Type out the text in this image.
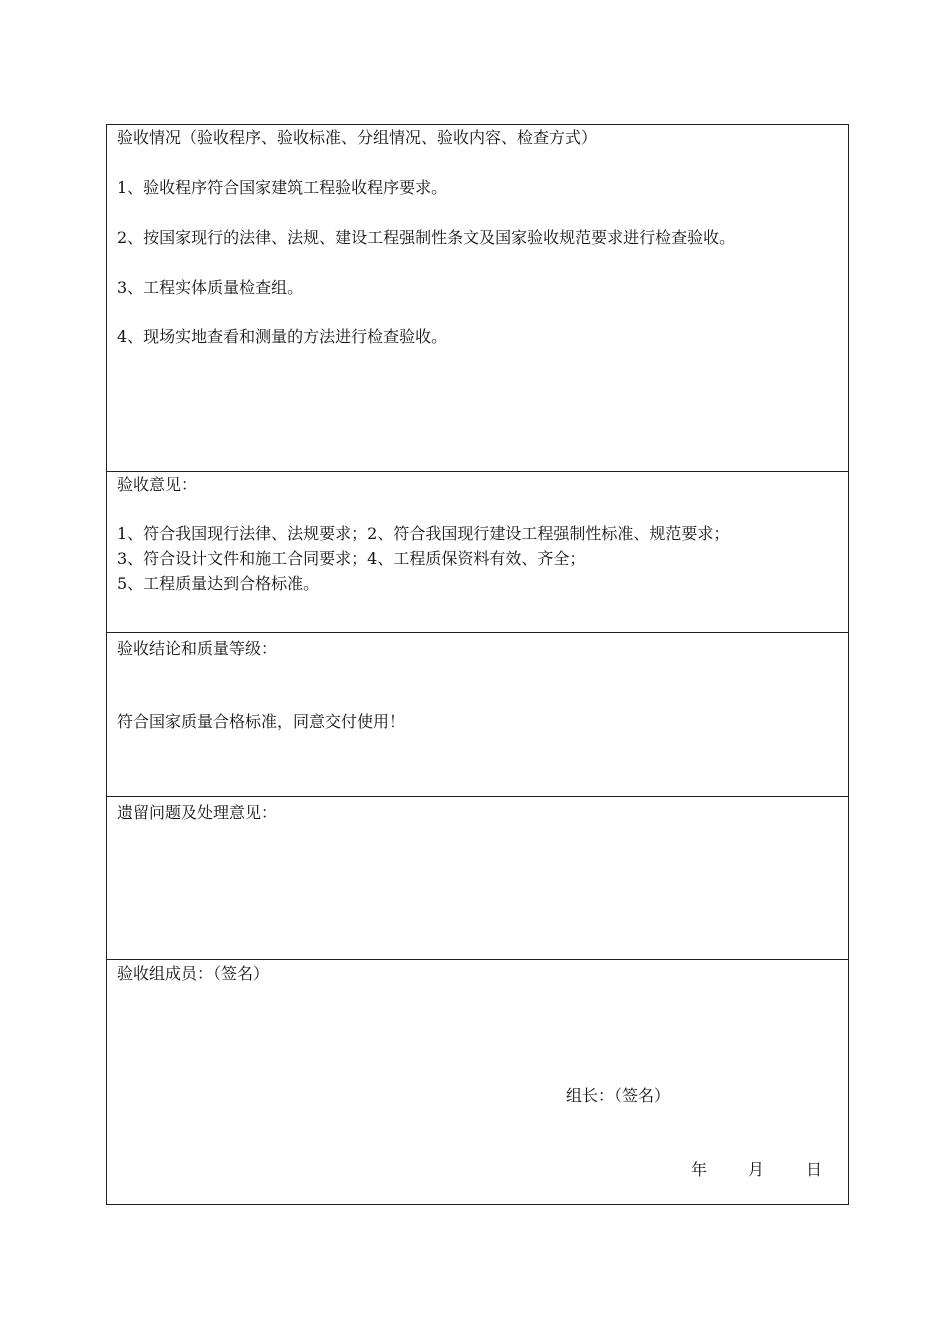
验收情况（验收程序、验收标准、分组情况、验收内容、检查方式）
1、验收程序符合国家建筑工程验收程序要求。
2、按国家现行的法律、法规、建设工程强制性条文及国家验收规范要求进行检查验收。
3、工程实体质量检查组。
4、现场实地查看和测量的方法进行检查验收。
验收意见：
1、符合我国现行法律、法规要求；2、符合我国现行建设工程强制性标准、规范要求；
3、符合设计文件和施工合同要求；4、工程质保资料有效、齐全；
5、工程质量达到合格标准。
验收结论和质量等级：
符合国家质量合格标准，同意交付使用！
遗留问题及处理意见：
验收组成员：（签名）
组长：（签名）
年	月	日
